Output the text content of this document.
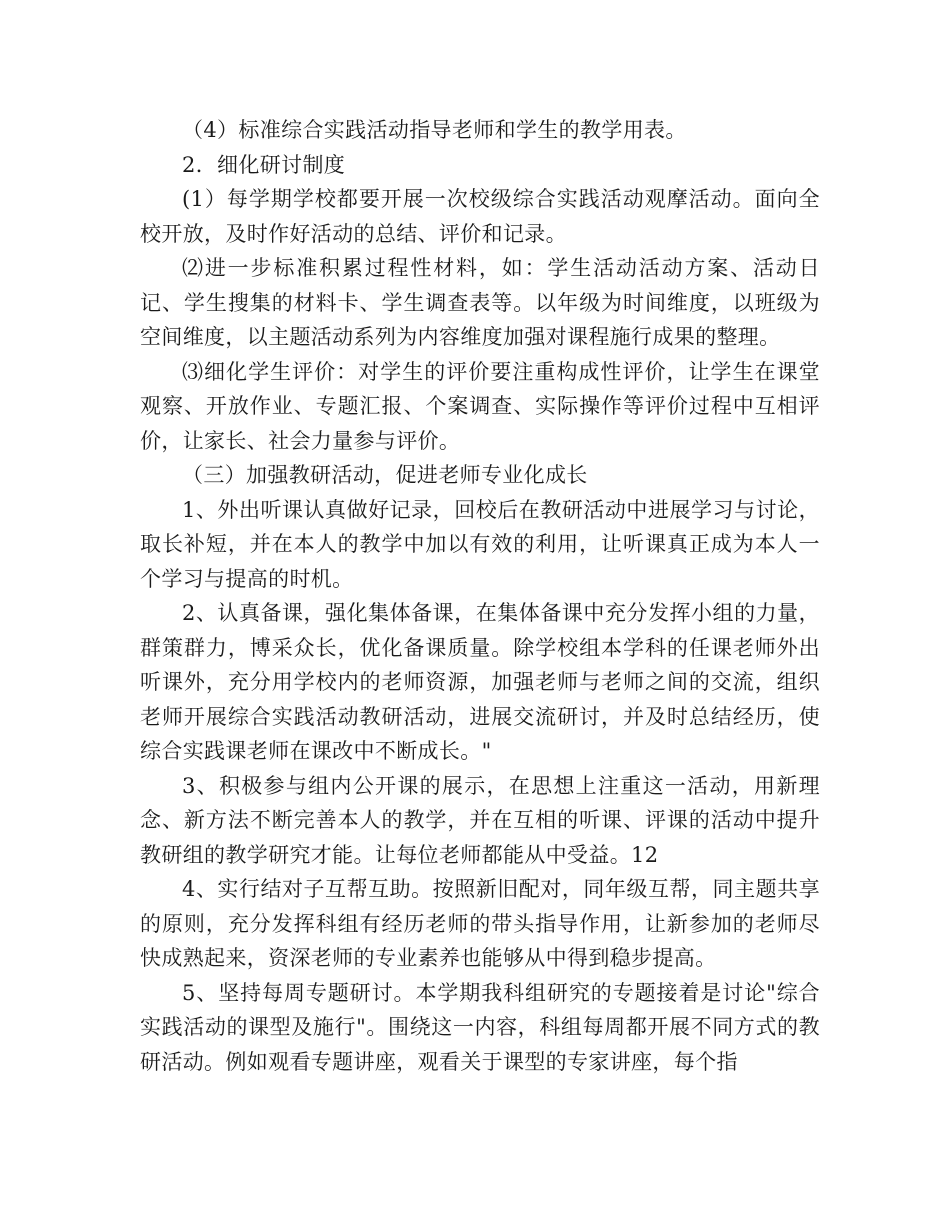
（4）标准综合实践活动指导老师和学生的教学用表。

2．细化研讨制度

(1）每学期学校都要开展一次校级综合实践活动观摩活动。面向全校开放，及时作好活动的总结、评价和记录。

⑵进一步标准积累过程性材料，如：学生活动活动方案、活动日记、学生搜集的材料卡、学生调查表等。以年级为时间维度，以班级为空间维度，以主题活动系列为内容维度加强对课程施行成果的整理。

⑶细化学生评价：对学生的评价要注重构成性评价，让学生在课堂观察、开放作业、专题汇报、个案调查、实际操作等评价过程中互相评价，让家长、社会力量参与评价。

（三）加强教研活动，促进老师专业化成长

1、外出听课认真做好记录，回校后在教研活动中进展学习与讨论，取长补短，并在本人的教学中加以有效的利用，让听课真正成为本人一个学习与提高的时机。

2、认真备课，强化集体备课，在集体备课中充分发挥小组的力量，群策群力，博采众长，优化备课质量。除学校组本学科的任课老师外出听课外，充分用学校内的老师资源，加强老师与老师之间的交流，组织老师开展综合实践活动教研活动，进展交流研讨，并及时总结经历，使综合实践课老师在课改中不断成长。"

3、积极参与组内公开课的展示，在思想上注重这一活动，用新理念、新方法不断完善本人的教学，并在互相的听课、评课的活动中提升教研组的教学研究才能。让每位老师都能从中受益。12

4、实行结对子互帮互助。按照新旧配对，同年级互帮，同主题共享的原则，充分发挥科组有经历老师的带头指导作用，让新参加的老师尽快成熟起来，资深老师的专业素养也能够从中得到稳步提高。

5、坚持每周专题研讨。本学期我科组研究的专题接着是讨论"综合实践活动的课型及施行"。围绕这一内容，科组每周都开展不同方式的教研活动。例如观看专题讲座，观看关于课型的专家讲座，每个指
